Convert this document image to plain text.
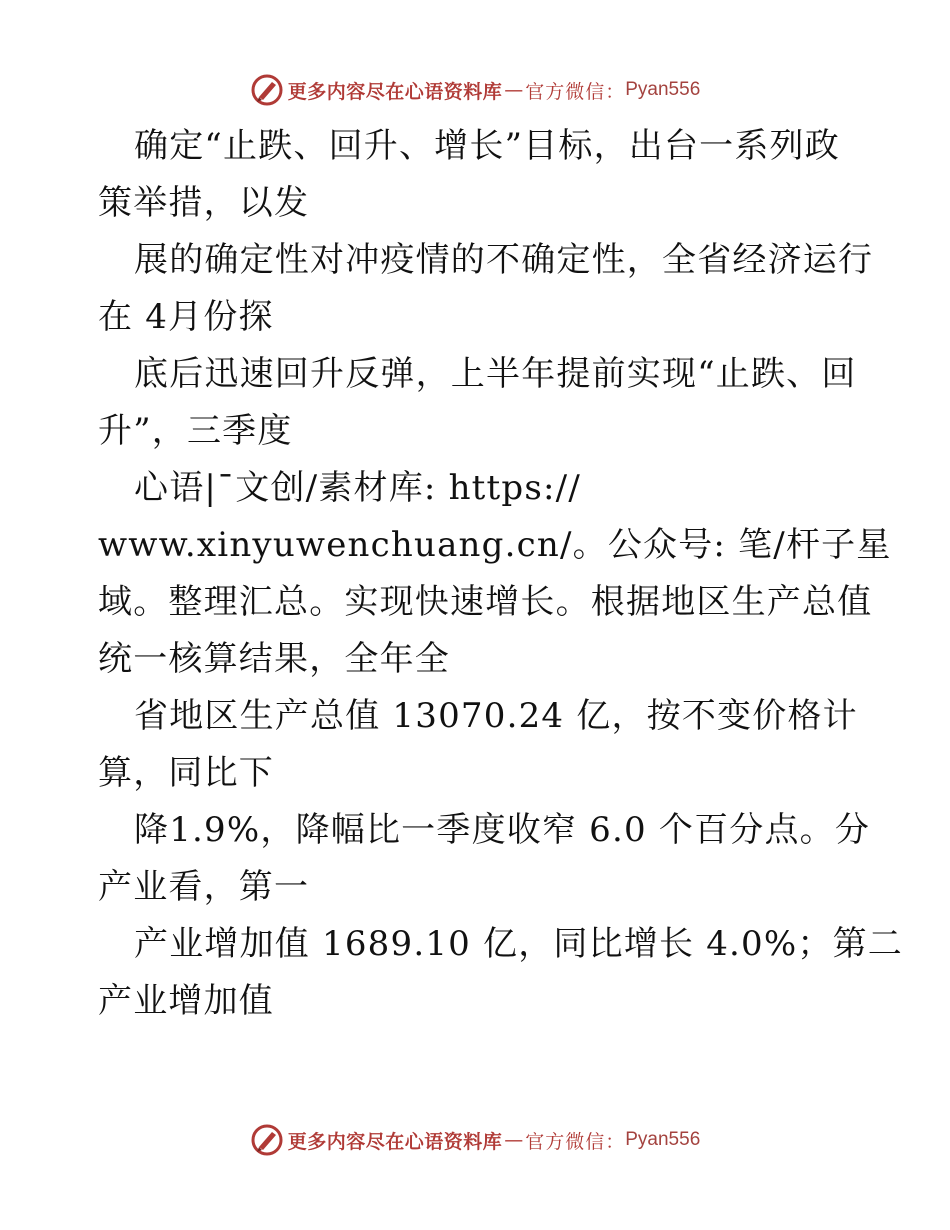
更多内容尽在心语资料库 — 官方微信： Pyan556
确定“止跌、回升、增长”目标，出台一系列政
策举措，以发
展的确定性对冲疫情的不确定性，全省经济运行
在 4月份探
底后迅速回升反弹，上半年提前实现“止跌、回
升”，三季度
心语|¯文创/素材库: https://
www.xinyuwenchuang.cn/。公众号: 笔/杆子星
域。整理汇总。实现快速增长。根据地区生产总值
统一核算结果，全年全
省地区生产总值 13070.24 亿，按不变价格计
算，同比下
降1.9%，降幅比一季度收窄 6.0 个百分点。分
产业看，第一
产业增加值 1689.10 亿，同比增长 4.0%；第二
产业增加值
更多内容尽在心语资料库 — 官方微信： Pyan556
